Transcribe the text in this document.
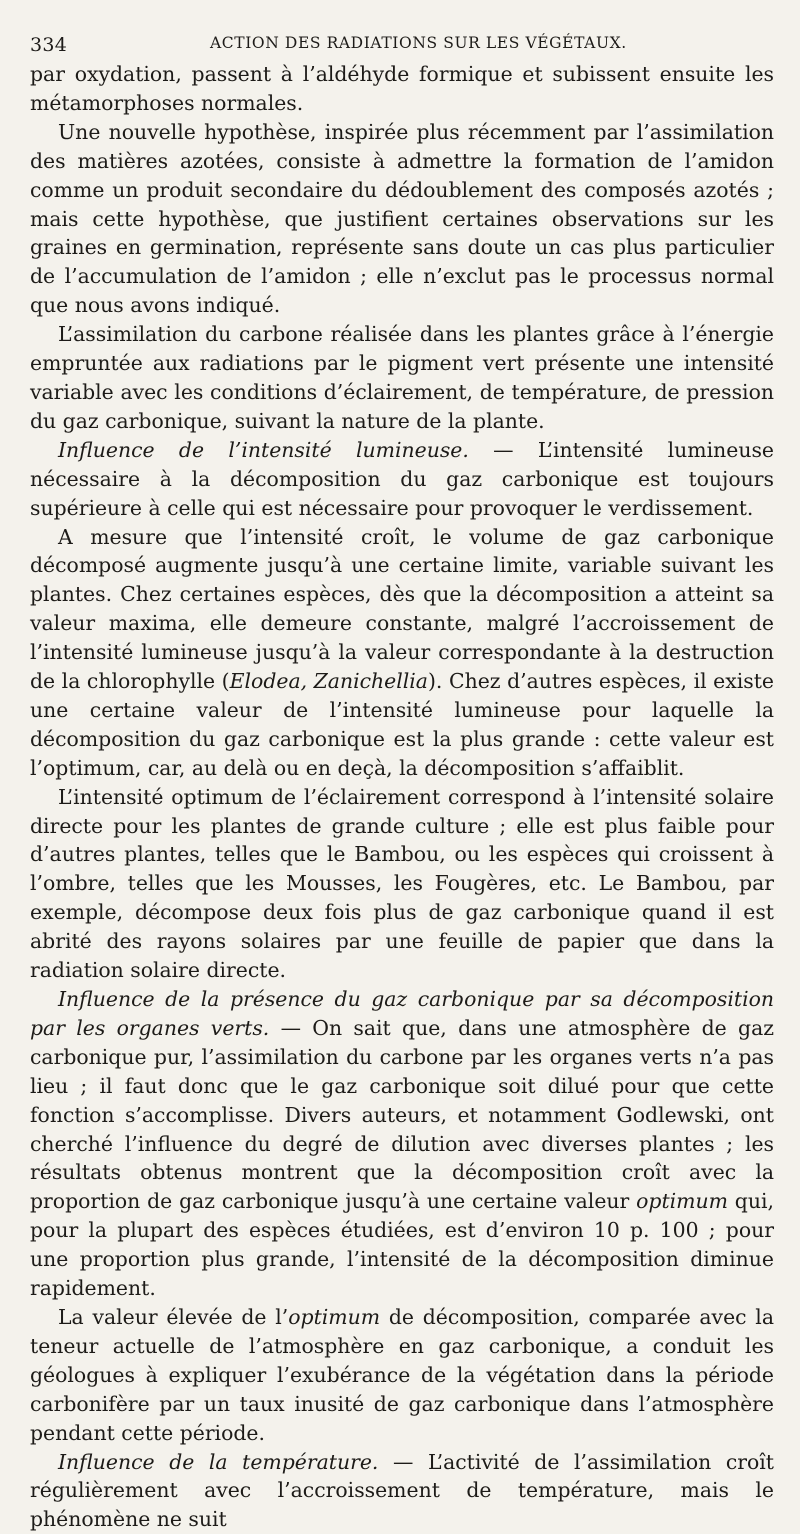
334	ACTION DES RADIATIONS SUR LES VÉGÉTAUX.

par oxydation, passent à l’aldéhyde formique et subissent ensuite les métamorphoses normales.

Une nouvelle hypothèse, inspirée plus récemment par l’assimilation des matières azotées, consiste à admettre la formation de l’amidon comme un produit secondaire du dédoublement des composés azotés ; mais cette hypothèse, que justifient certaines observations sur les graines en germination, représente sans doute un cas plus particulier de l’accumulation de l’amidon ; elle n’exclut pas le processus normal que nous avons indiqué.

L’assimilation du carbone réalisée dans les plantes grâce à l’énergie empruntée aux radiations par le pigment vert présente une intensité variable avec les conditions d’éclairement, de température, de pression du gaz carbonique, suivant la nature de la plante.

Influence de l’intensité lumineuse. — L’intensité lumineuse nécessaire à la décomposition du gaz carbonique est toujours supérieure à celle qui est nécessaire pour provoquer le verdissement.

A mesure que l’intensité croît, le volume de gaz carbonique décomposé augmente jusqu’à une certaine limite, variable suivant les plantes. Chez certaines espèces, dès que la décomposition a atteint sa valeur maxima, elle demeure constante, malgré l’accroissement de l’intensité lumineuse jusqu’à la valeur correspondante à la destruction de la chlorophylle (Elodea, Zanichellia). Chez d’autres espèces, il existe une certaine valeur de l’intensité lumineuse pour laquelle la décomposition du gaz carbonique est la plus grande : cette valeur est l’optimum, car, au delà ou en deçà, la décomposition s’affaiblit.

L’intensité optimum de l’éclairement correspond à l’intensité solaire directe pour les plantes de grande culture ; elle est plus faible pour d’autres plantes, telles que le Bambou, ou les espèces qui croissent à l’ombre, telles que les Mousses, les Fougères, etc. Le Bambou, par exemple, décompose deux fois plus de gaz carbonique quand il est abrité des rayons solaires par une feuille de papier que dans la radiation solaire directe.

Influence de la présence du gaz carbonique par sa décomposition par les organes verts. — On sait que, dans une atmosphère de gaz carbonique pur, l’assimilation du carbone par les organes verts n’a pas lieu ; il faut donc que le gaz carbonique soit dilué pour que cette fonction s’accomplisse. Divers auteurs, et notamment Godlewski, ont cherché l’influence du degré de dilution avec diverses plantes ; les résultats obtenus montrent que la décomposition croît avec la proportion de gaz carbonique jusqu’à une certaine valeur optimum qui, pour la plupart des espèces étudiées, est d’environ 10 p. 100 ; pour une proportion plus grande, l’intensité de la décomposition diminue rapidement.

La valeur élevée de l’optimum de décomposition, comparée avec la teneur actuelle de l’atmosphère en gaz carbonique, a conduit les géologues à expliquer l’exubérance de la végétation dans la période carbonifère par un taux inusité de gaz carbonique dans l’atmosphère pendant cette période.

Influence de la température. — L’activité de l’assimilation croît régulièrement avec l’accroissement de température, mais le phénomène ne suit
